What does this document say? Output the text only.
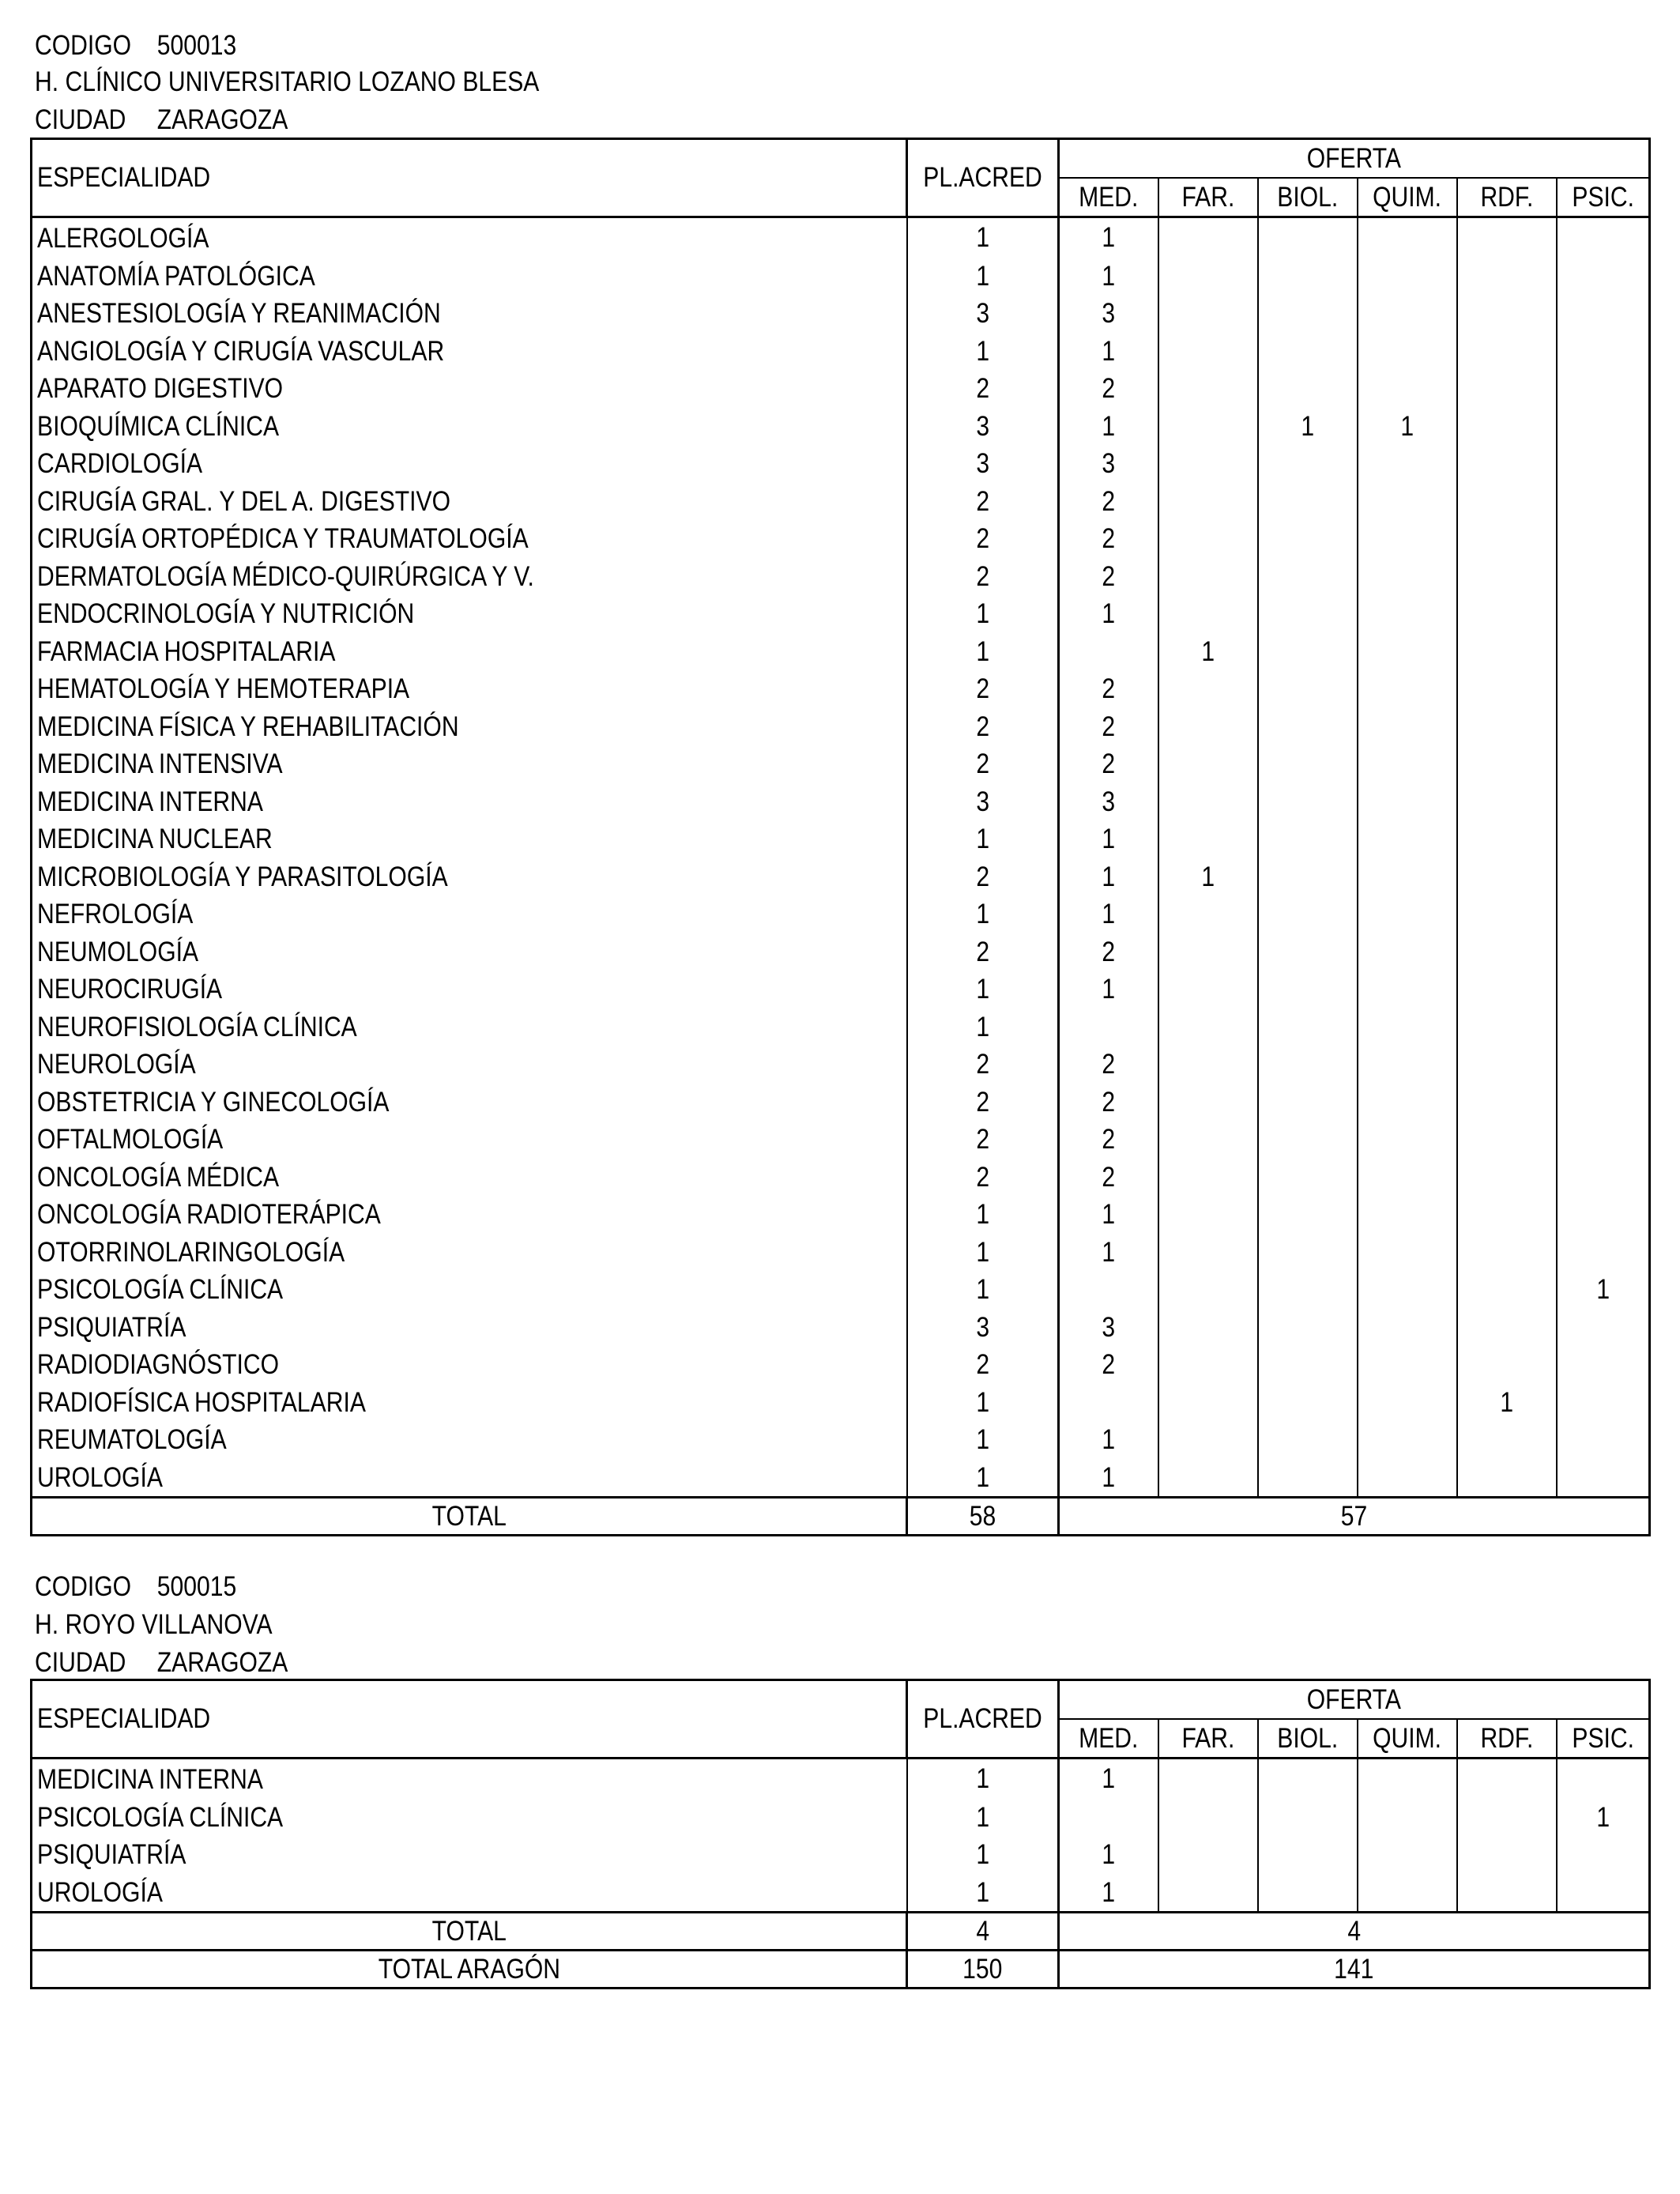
CODIGO 500013
H. CLÍNICO UNIVERSITARIO LOZANO BLESA
CIUDAD ZARAGOZA
ESPECIALIDAD	PL.ACRED	OFERTA					
		MED.	FAR.	BIOL.	QUIM.	RDF.	PSIC.
ALERGOLOGÍA	1	1					
ANATOMÍA PATOLÓGICA	1	1					
ANESTESIOLOGÍA Y REANIMACIÓN	3	3					
ANGIOLOGÍA Y CIRUGÍA VASCULAR	1	1					
APARATO DIGESTIVO	2	2					
BIOQUÍMICA CLÍNICA	3	1		1	1		
CARDIOLOGÍA	3	3					
CIRUGÍA GRAL. Y DEL A. DIGESTIVO	2	2					
CIRUGÍA ORTOPÉDICA Y TRAUMATOLOGÍA	2	2					
DERMATOLOGÍA MÉDICO-QUIRÚRGICA Y V.	2	2					
ENDOCRINOLOGÍA Y NUTRICIÓN	1	1					
FARMACIA HOSPITALARIA	1		1				
HEMATOLOGÍA Y HEMOTERAPIA	2	2					
MEDICINA FÍSICA Y REHABILITACIÓN	2	2					
MEDICINA INTENSIVA	2	2					
MEDICINA INTERNA	3	3					
MEDICINA NUCLEAR	1	1					
MICROBIOLOGÍA Y PARASITOLOGÍA	2	1	1				
NEFROLOGÍA	1	1					
NEUMOLOGÍA	2	2					
NEUROCIRUGÍA	1	1					
NEUROFISIOLOGÍA CLÍNICA	1						
NEUROLOGÍA	2	2					
OBSTETRICIA Y GINECOLOGÍA	2	2					
OFTALMOLOGÍA	2	2					
ONCOLOGÍA MÉDICA	2	2					
ONCOLOGÍA RADIOTERÁPICA	1	1					
OTORRINOLARINGOLOGÍA	1	1					
PSICOLOGÍA CLÍNICA	1						1
PSIQUIATRÍA	3	3					
RADIODIAGNÓSTICO	2	2					
RADIOFÍSICA HOSPITALARIA	1					1	
REUMATOLOGÍA	1	1					
UROLOGÍA	1	1					
TOTAL	58	57					
CODIGO 500015
H. ROYO VILLANOVA
CIUDAD ZARAGOZA
ESPECIALIDAD	PL.ACRED	OFERTA					
		MED.	FAR.	BIOL.	QUIM.	RDF.	PSIC.
MEDICINA INTERNA	1	1					
PSICOLOGÍA CLÍNICA	1						1
PSIQUIATRÍA	1	1					
UROLOGÍA	1	1					
TOTAL	4	4					
TOTAL ARAGÓN	150	141					
